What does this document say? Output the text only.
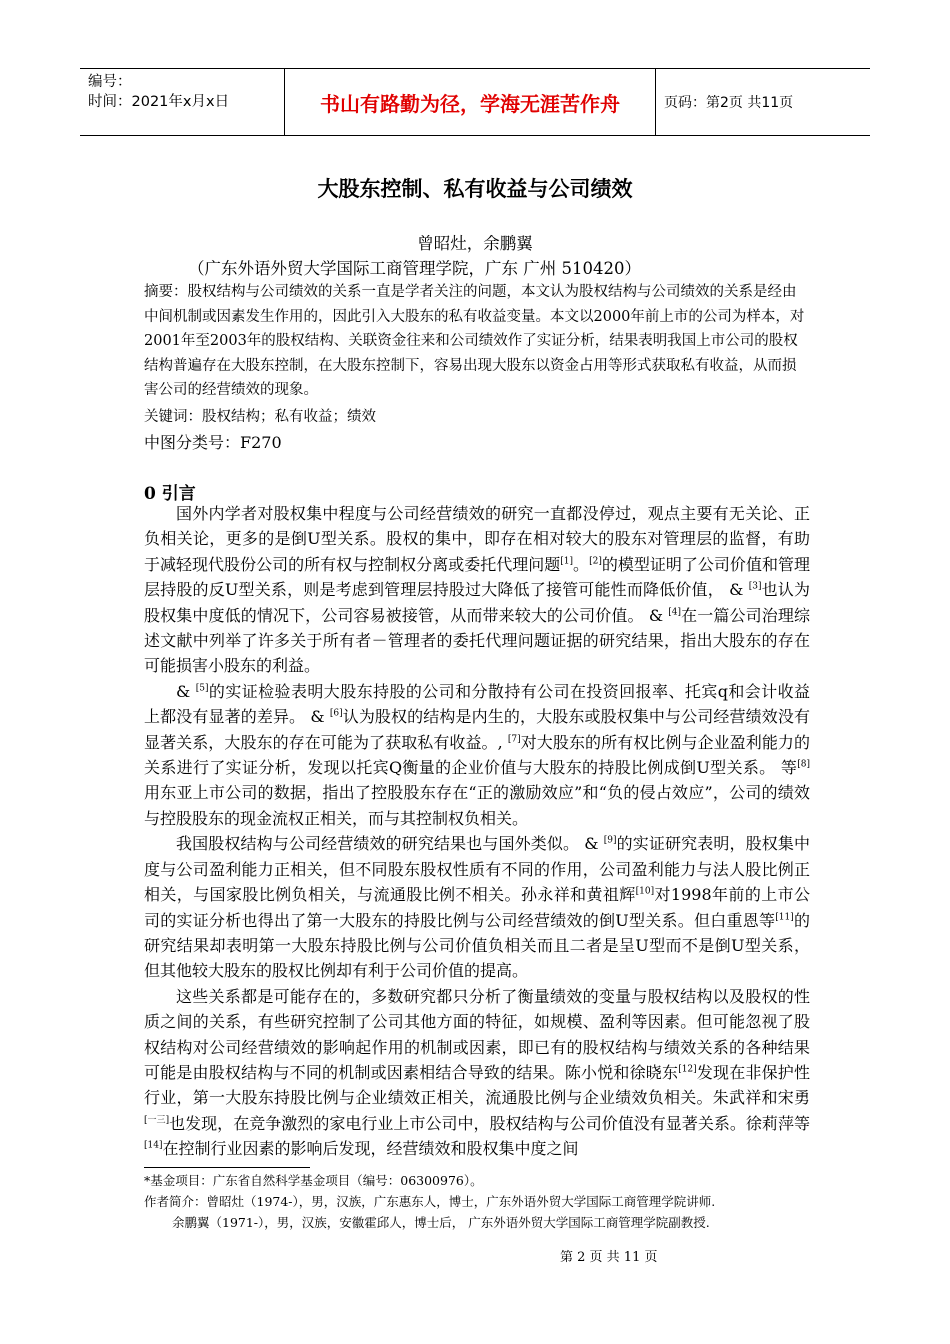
编号：
时间：2021年x月x日	书山有路勤为径，学海无涯苦作舟	页码：第2页 共11页
大股东控制、私有收益与公司绩效
曾昭灶，余鹏翼
（广东外语外贸大学国际工商管理学院，广东 广州 510420）
摘要：股权结构与公司绩效的关系一直是学者关注的问题，本文认为股权结构与公司绩效的关系是经由中间机制或因素发生作用的，因此引入大股东的私有收益变量。本文以2000年前上市的公司为样本，对2001年至2003年的股权结构、关联资金往来和公司绩效作了实证分析，结果表明我国上市公司的股权结构普遍存在大股东控制，在大股东控制下，容易出现大股东以资金占用等形式获取私有收益，从而损害公司的经营绩效的现象。
关键词：股权结构；私有收益；绩效
中图分类号：F270
0 引言

国外内学者对股权集中程度与公司经营绩效的研究一直都没停过，观点主要有无关论、正负相关论，更多的是倒U型关系。股权的集中，即存在相对较大的股东对管理层的监督，有助于减轻现代股份公司的所有权与控制权分离或委托代理问题[1]。[2]的模型证明了公司价值和管理层持股的反U型关系，则是考虑到管理层持股过大降低了接管可能性而降低价值， & [3]也认为股权集中度低的情况下，公司容易被接管，从而带来较大的公司价值。 & [4]在一篇公司治理综述文献中列举了许多关于所有者－管理者的委托代理问题证据的研究结果，指出大股东的存在可能损害小股东的利益。

& [5]的实证检验表明大股东持股的公司和分散持有公司在投资回报率、托宾q和会计收益上都没有显著的差异。 & [6]认为股权的结构是内生的，大股东或股权集中与公司经营绩效没有显著关系，大股东的存在可能为了获取私有收益。, [7]对大股东的所有权比例与企业盈利能力的关系进行了实证分析，发现以托宾Q衡量的企业价值与大股东的持股比例成倒U型关系。 等[8]用东亚上市公司的数据，指出了控股股东存在“正的激励效应”和“负的侵占效应”，公司的绩效与控股股东的现金流权正相关，而与其控制权负相关。

我国股权结构与公司经营绩效的研究结果也与国外类似。 & [9]的实证研究表明，股权集中度与公司盈利能力正相关，但不同股东股权性质有不同的作用，公司盈利能力与法人股比例正相关，与国家股比例负相关，与流通股比例不相关。孙永祥和黄祖辉[10]对1998年前的上市公司的实证分析也得出了第一大股东的持股比例与公司经营绩效的倒U型关系。但白重恩等[11]的研究结果却表明第一大股东持股比例与公司价值负相关而且二者是呈U型而不是倒U型关系，但其他较大股东的股权比例却有利于公司价值的提高。

这些关系都是可能存在的，多数研究都只分析了衡量绩效的变量与股权结构以及股权的性质之间的关系，有些研究控制了公司其他方面的特征，如规模、盈利等因素。但可能忽视了股权结构对公司经营绩效的影响起作用的机制或因素，即已有的股权结构与绩效关系的各种结果可能是由股权结构与不同的机制或因素相结合导致的结果。陈小悦和徐晓东[12]发现在非保护性行业，第一大股东持股比例与企业绩效正相关，流通股比例与企业绩效负相关。朱武祥和宋勇[一三]也发现，在竞争激烈的家电行业上市公司中，股权结构与公司价值没有显著关系。徐莉萍等[14]在控制行业因素的影响后发现，经营绩效和股权集中度之间

*基金项目：广东省自然科学基金项目（编号：06300976）。
作者简介：曾昭灶（1974-），男，汉族，广东惠东人，博士，广东外语外贸大学国际工商管理学院讲师.
余鹏翼（1971-），男，汉族，安徽霍邱人，博士后， 广东外语外贸大学国际工商管理学院副教授.
第 2 页 共 11 页
